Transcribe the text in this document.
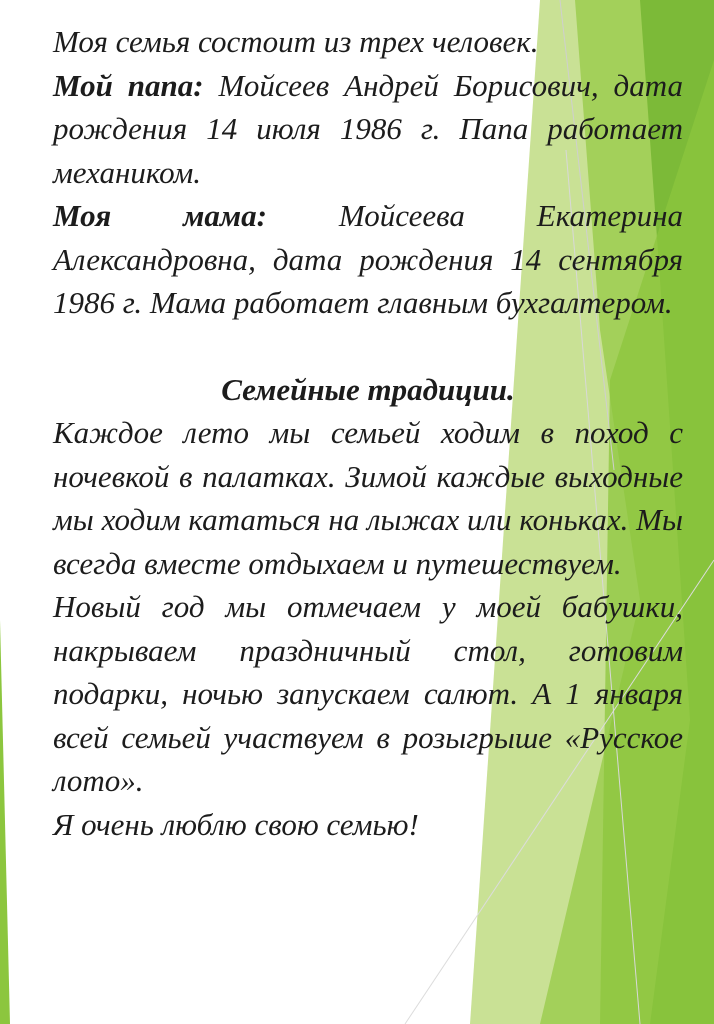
Моя семья состоит из трех человек.

Мой папа: Мойсеев Андрей Борисович, дата рождения 14 июля 1986 г. Папа работает механиком.

Моя мама: Мойсеева Екатерина Александровна, дата рождения 14 сентября 1986 г. Мама работает главным бухгалтером.

Семейные традиции.

Каждое лето мы семьей ходим в поход с ночевкой в палатках. Зимой каждые выходные мы ходим кататься на лыжах или коньках. Мы всегда вместе отдыхаем и путешествуем.

Новый год мы отмечаем у моей бабушки, накрываем праздничный стол, готовим подарки, ночью запускаем салют. А 1 января всей семьей участвуем в розыгрыше «Русское лото».

Я очень люблю свою семью!
